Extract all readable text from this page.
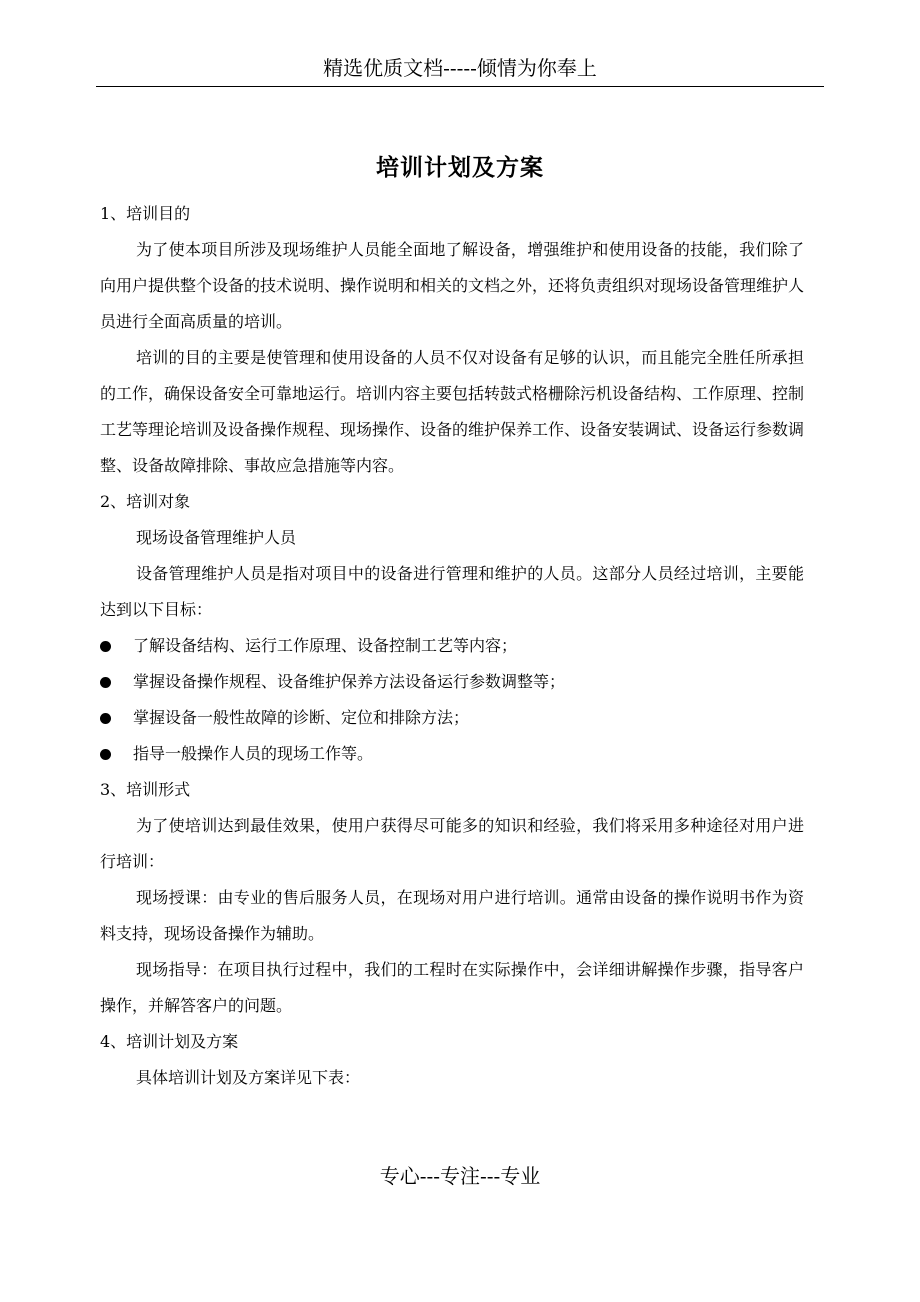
精选优质文档-----倾情为你奉上
培训计划及方案

1、培训目的

为了使本项目所涉及现场维护人员能全面地了解设备，增强维护和使用设备的技能，我们除了向用户提供整个设备的技术说明、操作说明和相关的文档之外，还将负责组织对现场设备管理维护人员进行全面高质量的培训。

培训的目的主要是使管理和使用设备的人员不仅对设备有足够的认识，而且能完全胜任所承担的工作，确保设备安全可靠地运行。培训内容主要包括转鼓式格栅除污机设备结构、工作原理、控制工艺等理论培训及设备操作规程、现场操作、设备的维护保养工作、设备安装调试、设备运行参数调整、设备故障排除、事故应急措施等内容。

2、培训对象

现场设备管理维护人员

设备管理维护人员是指对项目中的设备进行管理和维护的人员。这部分人员经过培训，主要能达到以下目标：

了解设备结构、运行工作原理、设备控制工艺等内容；
掌握设备操作规程、设备维护保养方法设备运行参数调整等；
掌握设备一般性故障的诊断、定位和排除方法；
指导一般操作人员的现场工作等。

3、培训形式

为了使培训达到最佳效果，使用户获得尽可能多的知识和经验，我们将采用多种途径对用户进行培训：

现场授课：由专业的售后服务人员，在现场对用户进行培训。通常由设备的操作说明书作为资料支持，现场设备操作为辅助。

现场指导：在项目执行过程中，我们的工程时在实际操作中，会详细讲解操作步骤，指导客户操作，并解答客户的问题。

4、培训计划及方案

具体培训计划及方案详见下表：

专心---专注---专业
